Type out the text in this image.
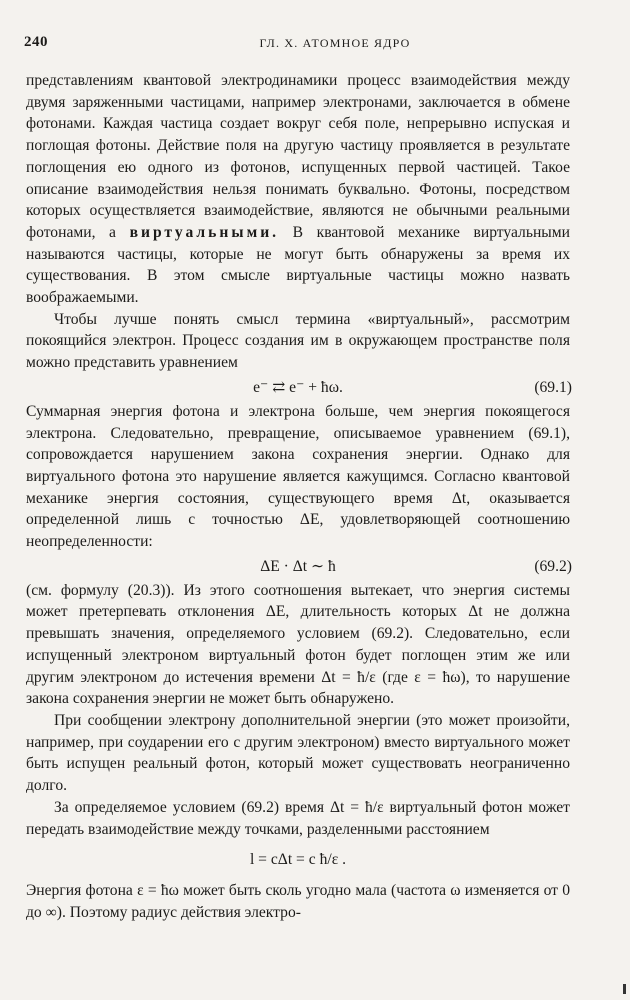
240	ГЛ. X. АТОМНОЕ ЯДРО

представлениям квантовой электродинамики процесс взаимодействия между двумя заряженными частицами, например электронами, заключается в обмене фотонами. Каждая частица создает вокруг себя поле, непрерывно испуская и поглощая фотоны. Действие поля на другую частицу проявляется в результате поглощения ею одного из фотонов, испущенных первой частицей. Такое описание взаимодействия нельзя понимать буквально. Фотоны, посредством которых осуществляется взаимодействие, являются не обычными реальными фотонами, а виртуальными. В квантовой механике виртуальными называются частицы, которые не могут быть обнаружены за время их существования. В этом смысле виртуальные частицы можно назвать воображаемыми.

Чтобы лучше понять смысл термина «виртуальный», рассмотрим покоящийся электрон. Процесс создания им в окружающем пространстве поля можно представить уравнением

e⁻ ⇄ e⁻ + ħω.	(69.1)

Суммарная энергия фотона и электрона больше, чем энергия покоящегося электрона. Следовательно, превращение, описываемое уравнением (69.1), сопровождается нарушением закона сохранения энергии. Однако для виртуального фотона это нарушение является кажущимся. Согласно квантовой механике энергия состояния, существующего время Δt, оказывается определенной лишь с точностью ΔE, удовлетворяющей соотношению неопределенности:

ΔE · Δt ∼ ħ	(69.2)

(см. формулу (20.3)). Из этого соотношения вытекает, что энергия системы может претерпевать отклонения ΔE, длительность которых Δt не должна превышать значения, определяемого условием (69.2). Следовательно, если испущенный электроном виртуальный фотон будет поглощен этим же или другим электроном до истечения времени Δt = ħ/ε (где ε = ħω), то нарушение закона сохранения энергии не может быть обнаружено.

При сообщении электрону дополнительной энергии (это может произойти, например, при соударении его с другим электроном) вместо виртуального может быть испущен реальный фотон, который может существовать неограниченно долго.

За определяемое условием (69.2) время Δt = ħ/ε виртуальный фотон может передать взаимодействие между точками, разделенными расстоянием

l = cΔt = c ħ/ε .

Энергия фотона ε = ħω может быть сколь угодно мала (частота ω изменяется от 0 до ∞). Поэтому радиус действия электро-
